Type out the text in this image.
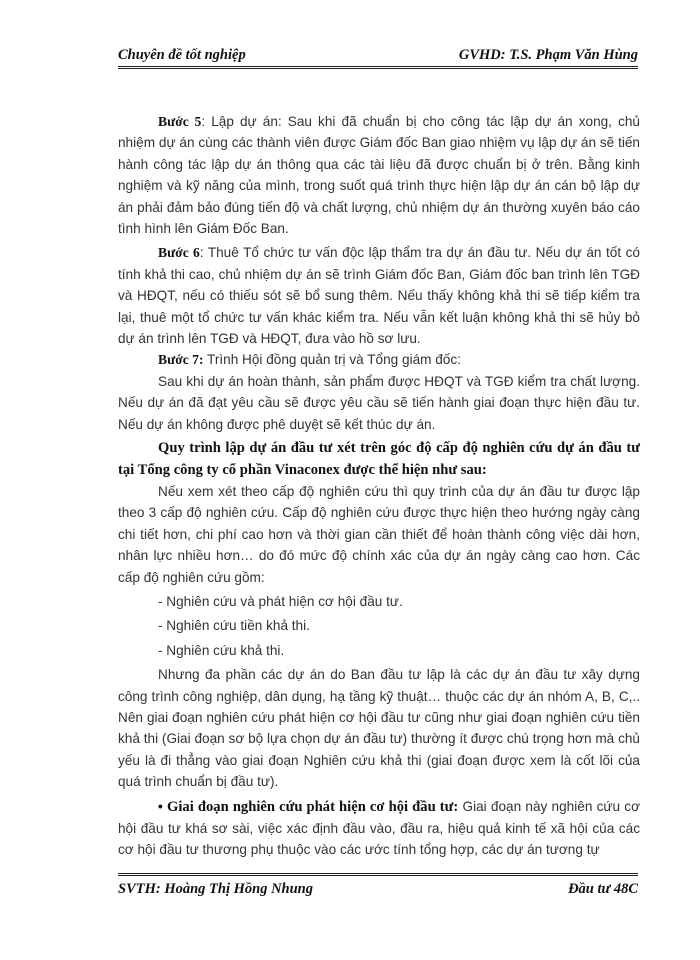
Chuyên đề tốt nghiệp	GVHD: T.S. Phạm Văn Hùng

Bước 5: Lập dự án: Sau khi đã chuẩn bị cho công tác lập dự án xong, chủ nhiệm dự án cùng các thành viên được Giám đốc Ban giao nhiệm vụ lập dự án sẽ tiến hành công tác lập dự án thông qua các tài liệu đã được chuẩn bị ở trên. Bằng kinh nghiệm và kỹ năng của mình, trong suốt quá trình thực hiện lập dự án cán bộ lập dự án phải đảm bảo đúng tiến độ và chất lượng, chủ nhiệm dự án thường xuyên báo cáo tình hình lên Giám Đốc Ban.

Bước 6: Thuê Tổ chức tư vấn độc lập thẩm tra dự án đầu tư. Nếu dự án tốt có tính khả thi cao, chủ nhiệm dự án sẽ trình Giám đốc Ban, Giám đốc ban trình lên TGĐ và HĐQT, nếu có thiếu sót sẽ bổ sung thêm. Nếu thấy không khả thi sẽ tiếp kiểm tra lại, thuê một tổ chức tư vấn khác kiểm tra. Nếu vẫn kết luận không khả thi sẽ hủy bỏ dự án trình lên TGĐ và HĐQT, đưa vào hồ sơ lưu.

Bước 7: Trình Hội đồng quản trị và Tổng giám đốc:

Sau khi dự án hoàn thành, sản phẩm được HĐQT và TGĐ kiểm tra chất lượng. Nếu dự án đã đạt yêu cầu sẽ được yêu cầu sẽ tiến hành giai đoạn thực hiện đầu tư. Nếu dự án không được phê duyệt sẽ kết thúc dự án.

Quy trình lập dự án đầu tư xét trên góc độ cấp độ nghiên cứu dự án đầu tư tại Tổng công ty cổ phần Vinaconex được thể hiện như sau:

Nếu xem xét theo cấp độ nghiên cứu thì quy trình của dự án đầu tư được lập theo 3 cấp độ nghiên cứu. Cấp độ nghiên cứu được thực hiện theo hướng ngày càng chi tiết hơn, chi phí cao hơn và thời gian cần thiết để hoàn thành công việc dài hơn, nhân lực nhiều hơn… do đó mức độ chính xác của dự án ngày càng cao hơn. Các cấp độ nghiên cứu gồm:

- Nghiên cứu và phát hiện cơ hội đầu tư.

- Nghiên cứu tiền khả thi.

- Nghiên cứu khả thi.

Nhưng đa phần các dự án do Ban đầu tư lập là các dự án đầu tư xây dựng công trình công nghiệp, dân dụng, hạ tầng kỹ thuật… thuộc các dự án nhóm A, B, C,.. Nên giai đoạn nghiên cứu phát hiện cơ hội đầu tư cũng như giai đoạn nghiên cứu tiền khả thi (Giai đoạn sơ bộ lựa chọn dự án đầu tư) thường ít được chú trọng hơn mà chủ yếu là đi thẳng vào giai đoạn Nghiên cứu khả thi (giai đoạn được xem là cốt lõi của quá trình chuẩn bị đầu tư).

• Giai đoạn nghiên cứu phát hiện cơ hội đầu tư: Giai đoạn này nghiên cứu cơ hội đầu tư khá sơ sài, việc xác định đầu vào, đầu ra, hiệu quả kinh tế xã hội của các cơ hội đầu tư thương phụ thuộc vào các ước tính tổng hợp, các dự án tương tự

SVTH: Hoàng Thị Hồng Nhung	Đầu tư 48C
